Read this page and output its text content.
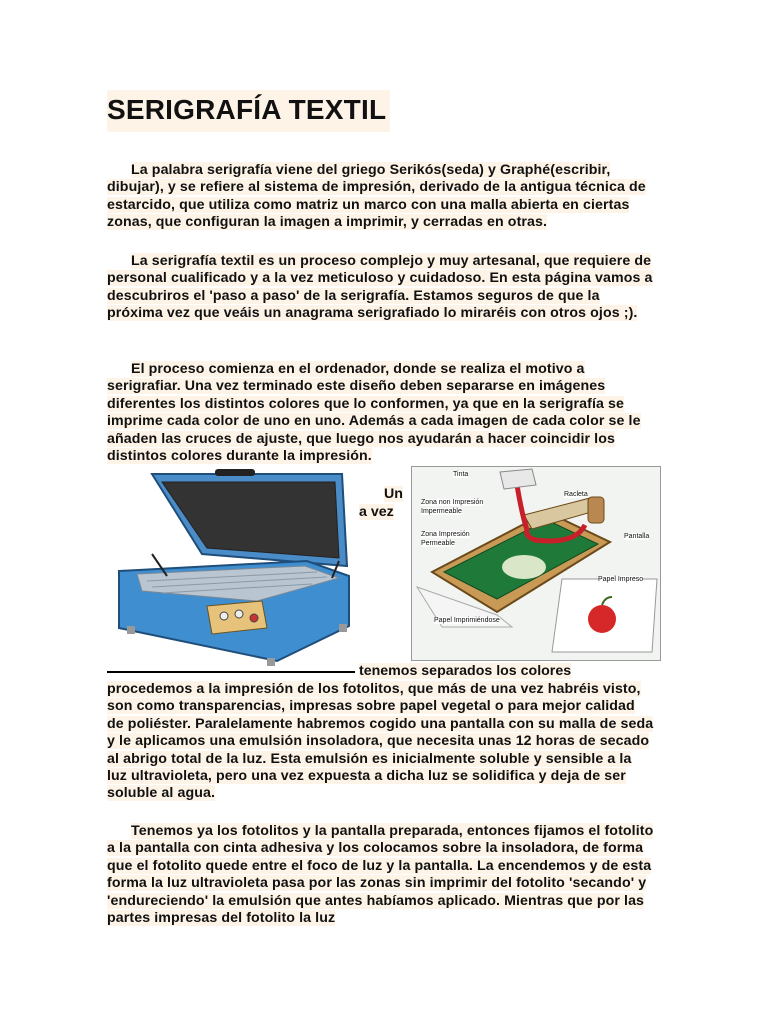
SERIGRAFÍA TEXTIL
La palabra serigrafía viene del griego Serikós(seda) y Graphé(escribir, dibujar), y se refiere al sistema de impresión, derivado de la antigua técnica de estarcido, que utiliza como matriz un marco con una malla abierta en ciertas zonas, que configuran la imagen a imprimir, y cerradas en otras.
La serigrafía textil es un proceso complejo y muy artesanal, que requiere de personal cualificado y a la vez meticuloso y cuidadoso. En esta página vamos a descubriros el 'paso a paso' de la serigrafía. Estamos seguros de que la próxima vez que veáis un anagrama serigrafiado lo miraréis con otros ojos ;).
El proceso comienza en el ordenador, donde se realiza el motivo a serigrafiar. Una vez terminado este diseño deben separarse en imágenes diferentes los distintos colores que lo conformen, ya que en la serigrafía se imprime cada color de uno en uno. Además a cada imagen de cada color se le añaden las cruces de ajuste, que luego nos ayudarán a hacer coincidir los distintos colores durante la impresión.
Un
a vez
Tinta
Racleta
Zona non Impresión
Impermeable
Zona Impresión
Permeable
Pantalla
Papel Impreso
Papel Imprimiéndose
tenemos separados los colores
procedemos a la impresión de los fotolitos, que más de una vez habréis visto, son como transparencias, impresas sobre papel vegetal o para mejor calidad de poliéster. Paralelamente habremos cogido una pantalla con su malla de seda y le aplicamos una emulsión insoladora, que necesita unas 12 horas de secado al abrigo total de la luz. Esta emulsión es inicialmente soluble y sensible a la luz ultravioleta, pero una vez expuesta a dicha luz se solidifica y deja de ser soluble al agua.
Tenemos ya los fotolitos y la pantalla preparada, entonces fijamos el fotolito a la pantalla con cinta adhesiva y los colocamos sobre la insoladora, de forma que el fotolito quede entre el foco de luz y la pantalla. La encendemos y de esta forma la luz ultravioleta pasa por las zonas sin imprimir del fotolito 'secando' y 'endureciendo' la emulsión que antes habíamos aplicado. Mientras que por las partes impresas del fotolito la luz
